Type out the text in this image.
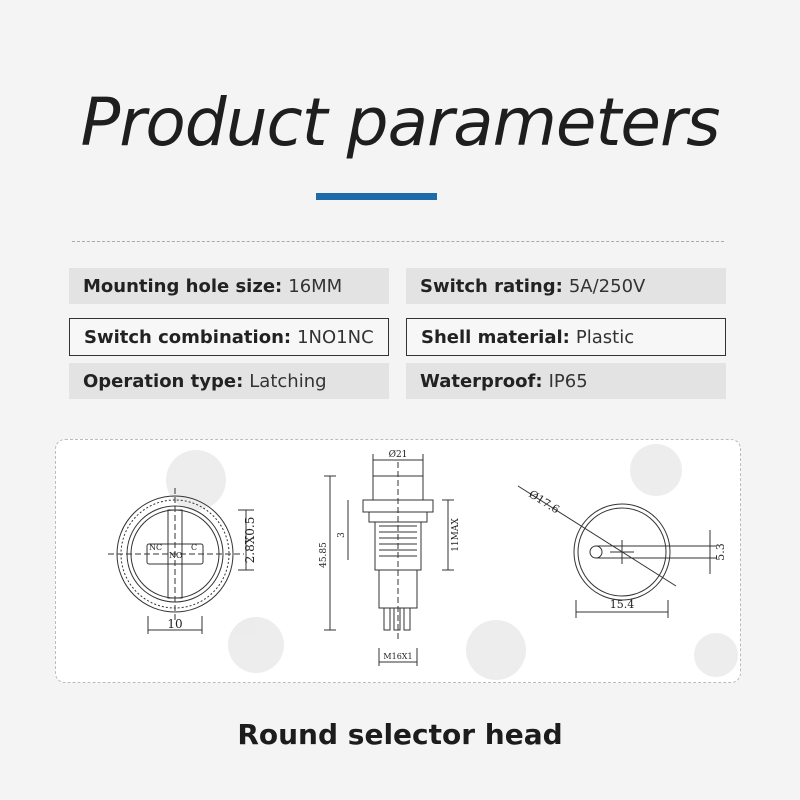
Product parameters
Mounting hole size: 16MM	Switch rating: 5A/250V
Switch combination: 1NO1NC	Shell material: Plastic
Operation type: Latching	Waterproof: IP65
10
2.8X0.5
NC
NO
C
Ø21
45.85
3	11MAX
M16X1
Ø17.6
15.4
5.3
Round selector head
